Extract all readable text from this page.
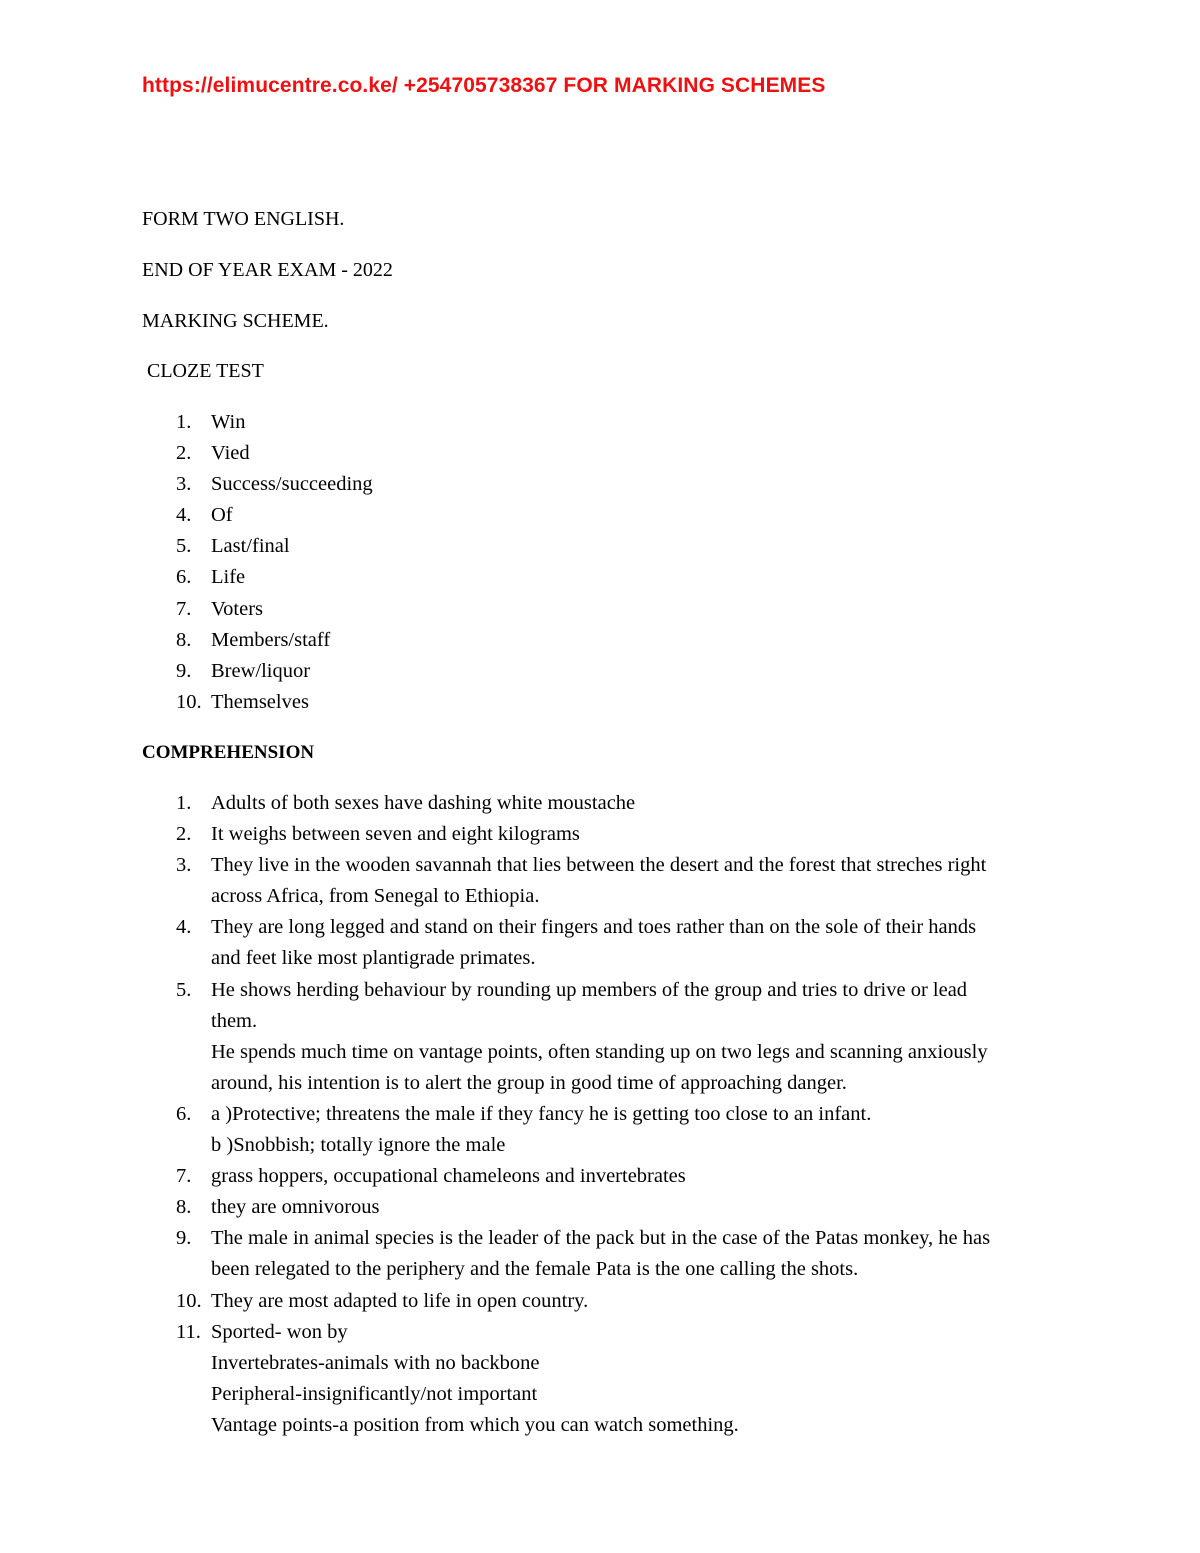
https://elimucentre.co.ke/ +254705738367 FOR MARKING SCHEMES
FORM TWO ENGLISH.
END OF YEAR EXAM - 2022
MARKING SCHEME.
CLOZE TEST
1. Win
2. Vied
3. Success/succeeding
4. Of
5. Last/final
6. Life
7. Voters
8. Members/staff
9. Brew/liquor
10. Themselves
COMPREHENSION
1. Adults of both sexes have dashing white moustache
2. It weighs between seven and eight kilograms
3. They live in the wooden savannah that lies between the desert and the forest that streches right
across Africa, from Senegal to Ethiopia.
4. They are long legged and stand on their fingers and toes rather than on the sole of their hands
and feet like most plantigrade primates.
5. He shows herding behaviour by rounding up members of the group and tries to drive or lead
them.
He spends much time on vantage points, often standing up on two legs and scanning anxiously
around, his intention is to alert the group in good time of approaching danger.
6. a )Protective; threatens the male if they fancy he is getting too close to an infant.
b )Snobbish; totally ignore the male
7. grass hoppers, occupational chameleons and invertebrates
8. they are omnivorous
9. The male in animal species is the leader of the pack but in the case of the Patas monkey, he has
been relegated to the periphery and the female Pata is the one calling the shots.
10. They are most adapted to life in open country.
11. Sported- won by
Invertebrates-animals with no backbone
Peripheral-insignificantly/not important
Vantage points-a position from which you can watch something.
